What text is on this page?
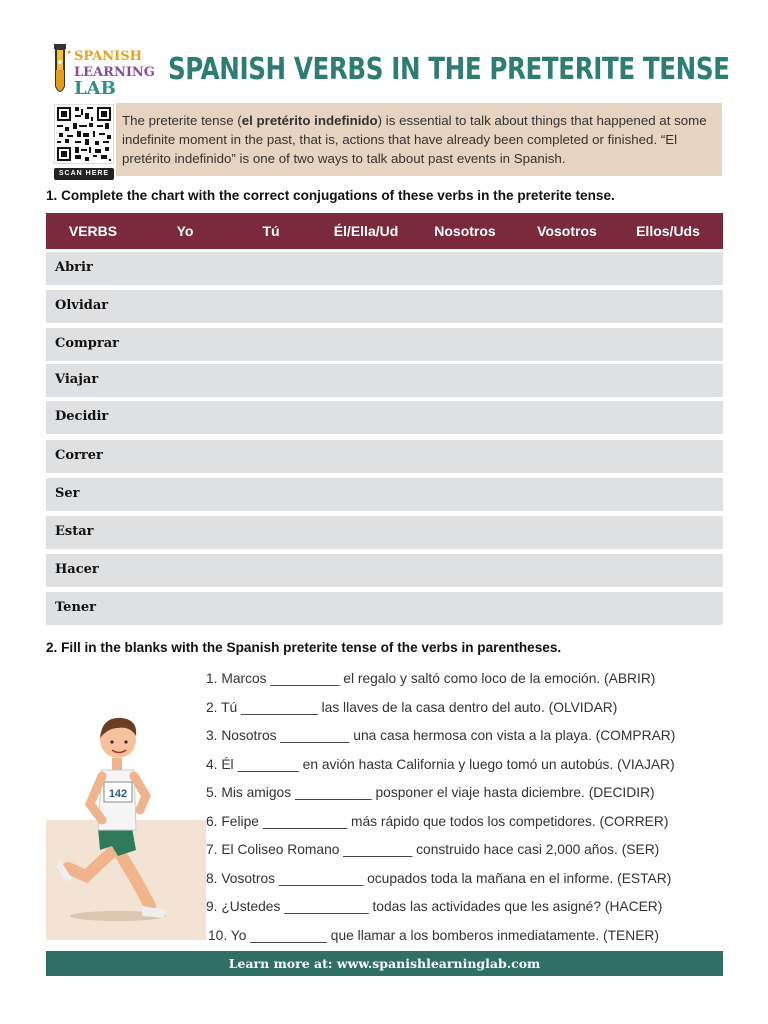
SPANISH
LEARNING
LAB
SPANISH VERBS IN THE PRETERITE TENSE
SCAN HERE
The preterite tense (el pretérito indefinido) is essential to talk about things that happened at some indefinite moment in the past, that is, actions that have already been completed or finished. “El pretérito indefinido” is one of two ways to talk about past events in Spanish.
1. Complete the chart with the correct conjugations of these verbs in the preterite tense.
VERBS	Yo	Tú	Él/Ella/Ud	Nosotros	Vosotros	Ellos/Uds
Abrir
Olvidar
Comprar
Viajar
Decidir
Correr
Ser
Estar
Hacer
Tener
2. Fill in the blanks with the Spanish preterite tense of the verbs in parentheses.
142
1. Marcos _________ el regalo y saltó como loco de la emoción. (ABRIR)
2. Tú __________ las llaves de la casa dentro del auto. (OLVIDAR)
3. Nosotros _________ una casa hermosa con vista a la playa. (COMPRAR)
4. Él ________ en avión hasta California y luego tomó un autobús. (VIAJAR)
5. Mis amigos __________ posponer el viaje hasta diciembre. (DECIDIR)
6. Felipe ___________ más rápido que todos los competidores. (CORRER)
7. El Coliseo Romano _________ construido hace casi 2,000 años. (SER)
8. Vosotros ___________ ocupados toda la mañana en el informe. (ESTAR)
9. ¿Ustedes ___________ todas las actividades que les asigné? (HACER)
10. Yo __________ que llamar a los bomberos inmediatamente. (TENER)
Learn more at: www.spanishlearninglab.com
